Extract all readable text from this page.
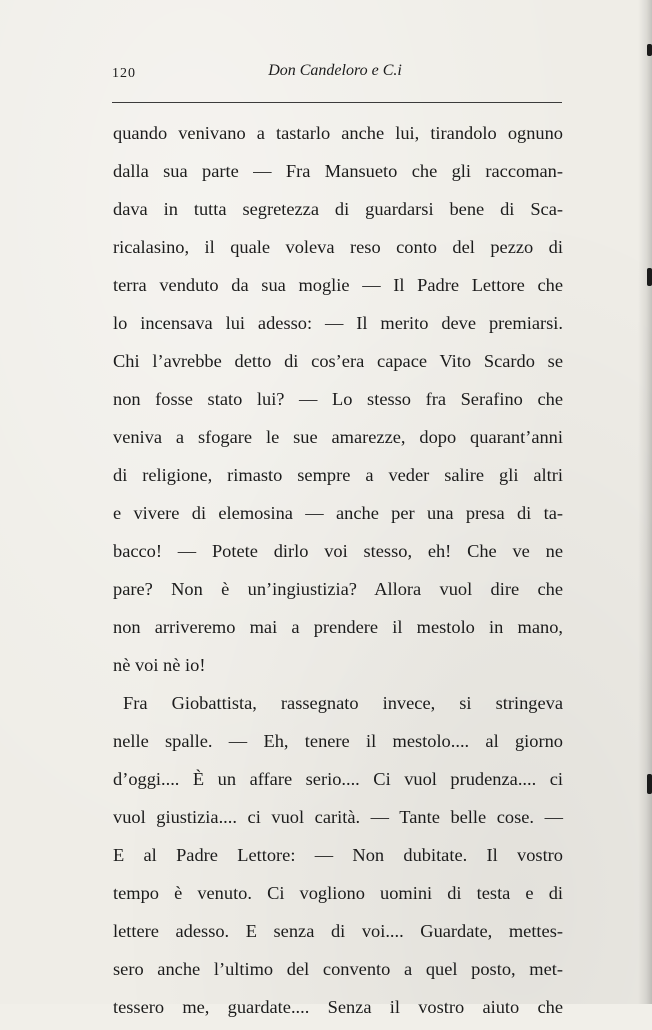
120	Don Candeloro e C.i
quando venivano a tastarlo anche lui, tirandolo ognuno
dalla sua parte — Fra Mansueto che gli raccoman-
dava in tutta segretezza di guardarsi bene di Sca-
ricalasino, il quale voleva reso conto del pezzo di
terra venduto da sua moglie — Il Padre Lettore che
lo incensava lui adesso: — Il merito deve premiarsi.
Chi l’avrebbe detto di cos’era capace Vito Scardo se
non fosse stato lui? — Lo stesso fra Serafino che
veniva a sfogare le sue amarezze, dopo quarant’anni
di religione, rimasto sempre a veder salire gli altri
e vivere di elemosina — anche per una presa di ta-
bacco! — Potete dirlo voi stesso, eh! Che ve ne
pare? Non è un’ingiustizia? Allora vuol dire che
non arriveremo mai a prendere il mestolo in mano,
nè voi nè io!
Fra Giobattista, rassegnato invece, si stringeva
nelle spalle. — Eh, tenere il mestolo.... al giorno
d’oggi.... È un affare serio.... Ci vuol prudenza.... ci
vuol giustizia.... ci vuol carità. — Tante belle cose. —
E al Padre Lettore: — Non dubitate. Il vostro
tempo è venuto. Ci vogliono uomini di testa e di
lettere adesso. E senza di voi.... Guardate, mettes-
sero anche l’ultimo del convento a quel posto, met-
tessero me, guardate.... Senza il vostro aiuto che
